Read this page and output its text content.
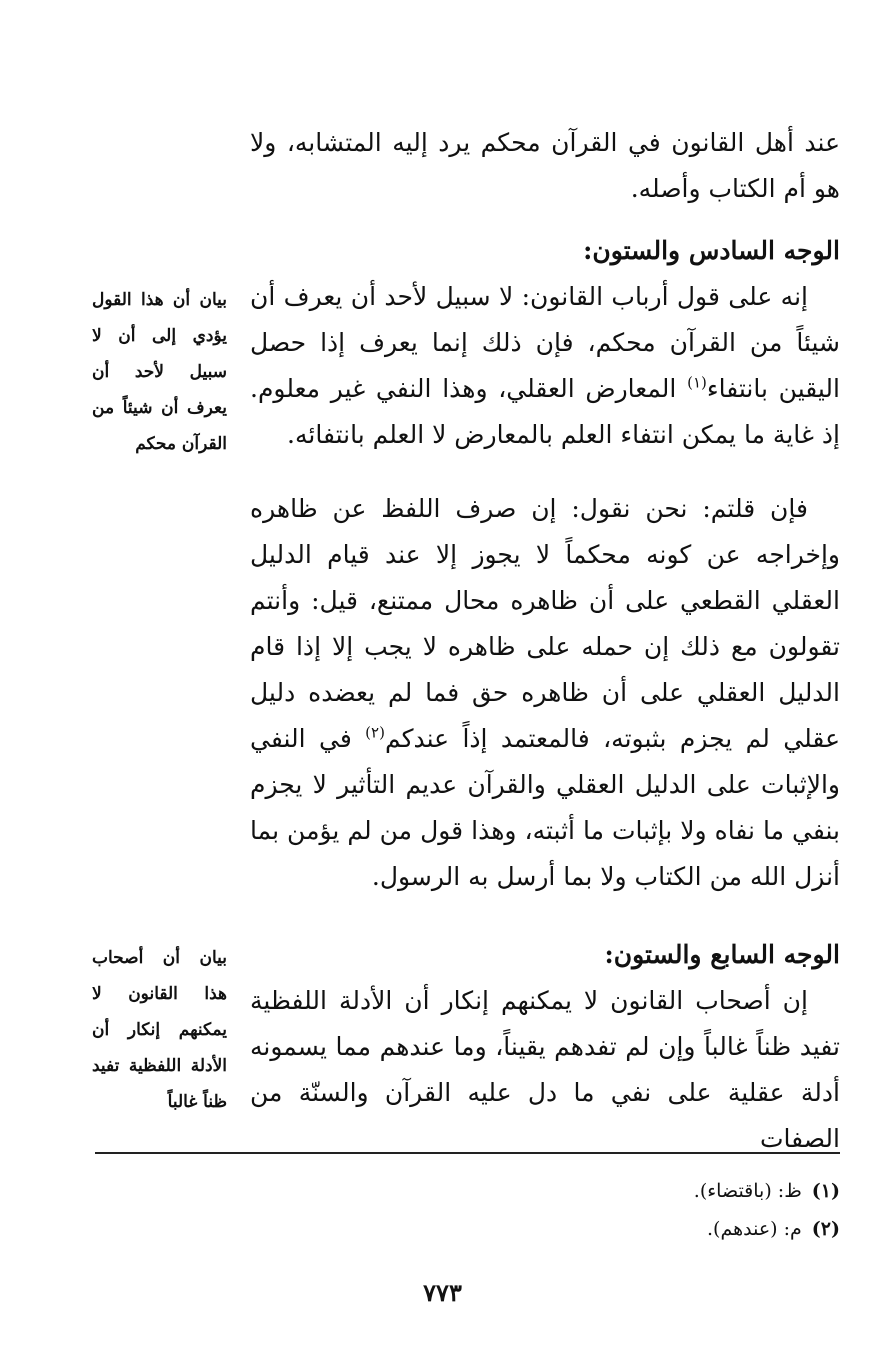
عند أهل القانون في القرآن محكم يرد إليه المتشابه، ولا هو أم الكتاب وأصله.

الوجه السادس والستون:

إنه على قول أرباب القانون: لا سبيل لأحد أن يعرف أن شيئاً من القرآن محكم، فإن ذلك إنما يعرف إذا حصل اليقين بانتفاء$^{(١)}$ المعارض العقلي، وهذا النفي غير معلوم. إذ غاية ما يمكن انتفاء العلم بالمعارض لا العلم بانتفائه.

فإن قلتم: نحن نقول: إن صرف اللفظ عن ظاهره وإخراجه عن كونه محكماً لا يجوز إلا عند قيام الدليل العقلي القطعي على أن ظاهره محال ممتنع، قيل: وأنتم تقولون مع ذلك إن حمله على ظاهره لا يجب إلا إذا قام الدليل العقلي على أن ظاهره حق فما لم يعضده دليل عقلي لم يجزم بثبوته، فالمعتمد إذاً عندكم$^{(٢)}$ في النفي والإثبات على الدليل العقلي والقرآن عديم التأثير لا يجزم بنفي ما نفاه ولا بإثبات ما أثبته، وهذا قول من لم يؤمن بما أنزل الله من الكتاب ولا بما أرسل به الرسول.

بيان أن هذا القول يؤدي إلى أن لا سبيل لأحد أن يعرف أن شيئاً من القرآن محكم

الوجه السابع والستون:

إن أصحاب القانون لا يمكنهم إنكار أن الأدلة اللفظية تفيد ظناً غالباً وإن لم تفدهم يقيناً، وما عندهم مما يسمونه أدلة عقلية على نفي ما دل عليه القرآن والسنّة من الصفات

بيان أن أصحاب هذا القانون لا يمكنهم إنكار أن الأدلة اللفظية تفيد ظناً غالباً
(١)ظ: (باقتضاء).
(٢)م: (عندهم).
٧٧٣
